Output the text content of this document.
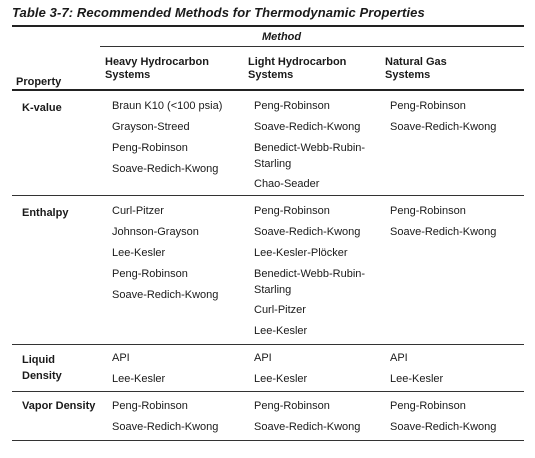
Table 3-7: Recommended Methods for Thermodynamic Properties
Method
Property
Heavy Hydrocarbon
Systems
Light Hydrocarbon
Systems
Natural Gas
Systems
K-value	Braun K10 (<100 psia)
Grayson-Streed
Peng-Robinson
Soave-Redich-Kwong
Peng-Robinson
Soave-Redich-Kwong
Benedict-Webb-Rubin-
Starling
Chao-Seader
Peng-Robinson
Soave-Redich-Kwong
Enthalpy	Curl-Pitzer
Johnson-Grayson
Lee-Kesler
Peng-Robinson
Soave-Redich-Kwong
Peng-Robinson
Soave-Redich-Kwong
Lee-Kesler-Plöcker
Benedict-Webb-Rubin-
Starling
Curl-Pitzer
Lee-Kesler
Peng-Robinson
Soave-Redich-Kwong
Liquid
Density
API
Lee-Kesler
API
Lee-Kesler
API
Lee-Kesler
Vapor Density Peng-Robinson
Soave-Redich-Kwong
Peng-Robinson
Soave-Redich-Kwong
Peng-Robinson
Soave-Redich-Kwong
